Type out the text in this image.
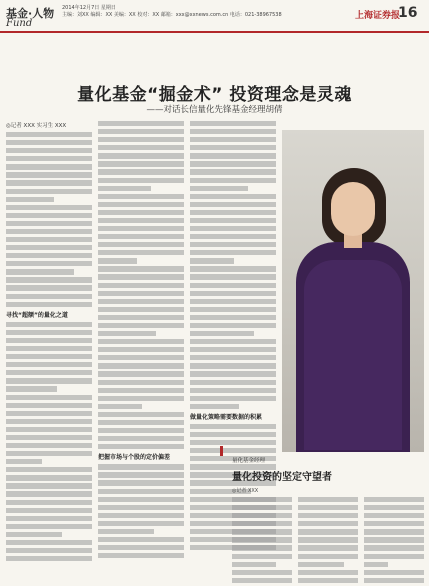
基金·人物
Fund
2014年12月7日 星期日
主编：刘XX 编辑：XX 美编：XX 校对：XX 邮箱：xxx@xxnews.com.cn 电话：021-38967538	上海证券报
16
量化基金“掘金术” 投资理念是灵魂
——对话长信量化先锋基金经理胡倩
◎记者 XXX 实习生 XXX
寻找“超额”的量化之道
把握市场与个股的定价偏差
做量化策略需要数据的积累
量化基金经理
量化投资的坚定守望者
◎记者 XXX
